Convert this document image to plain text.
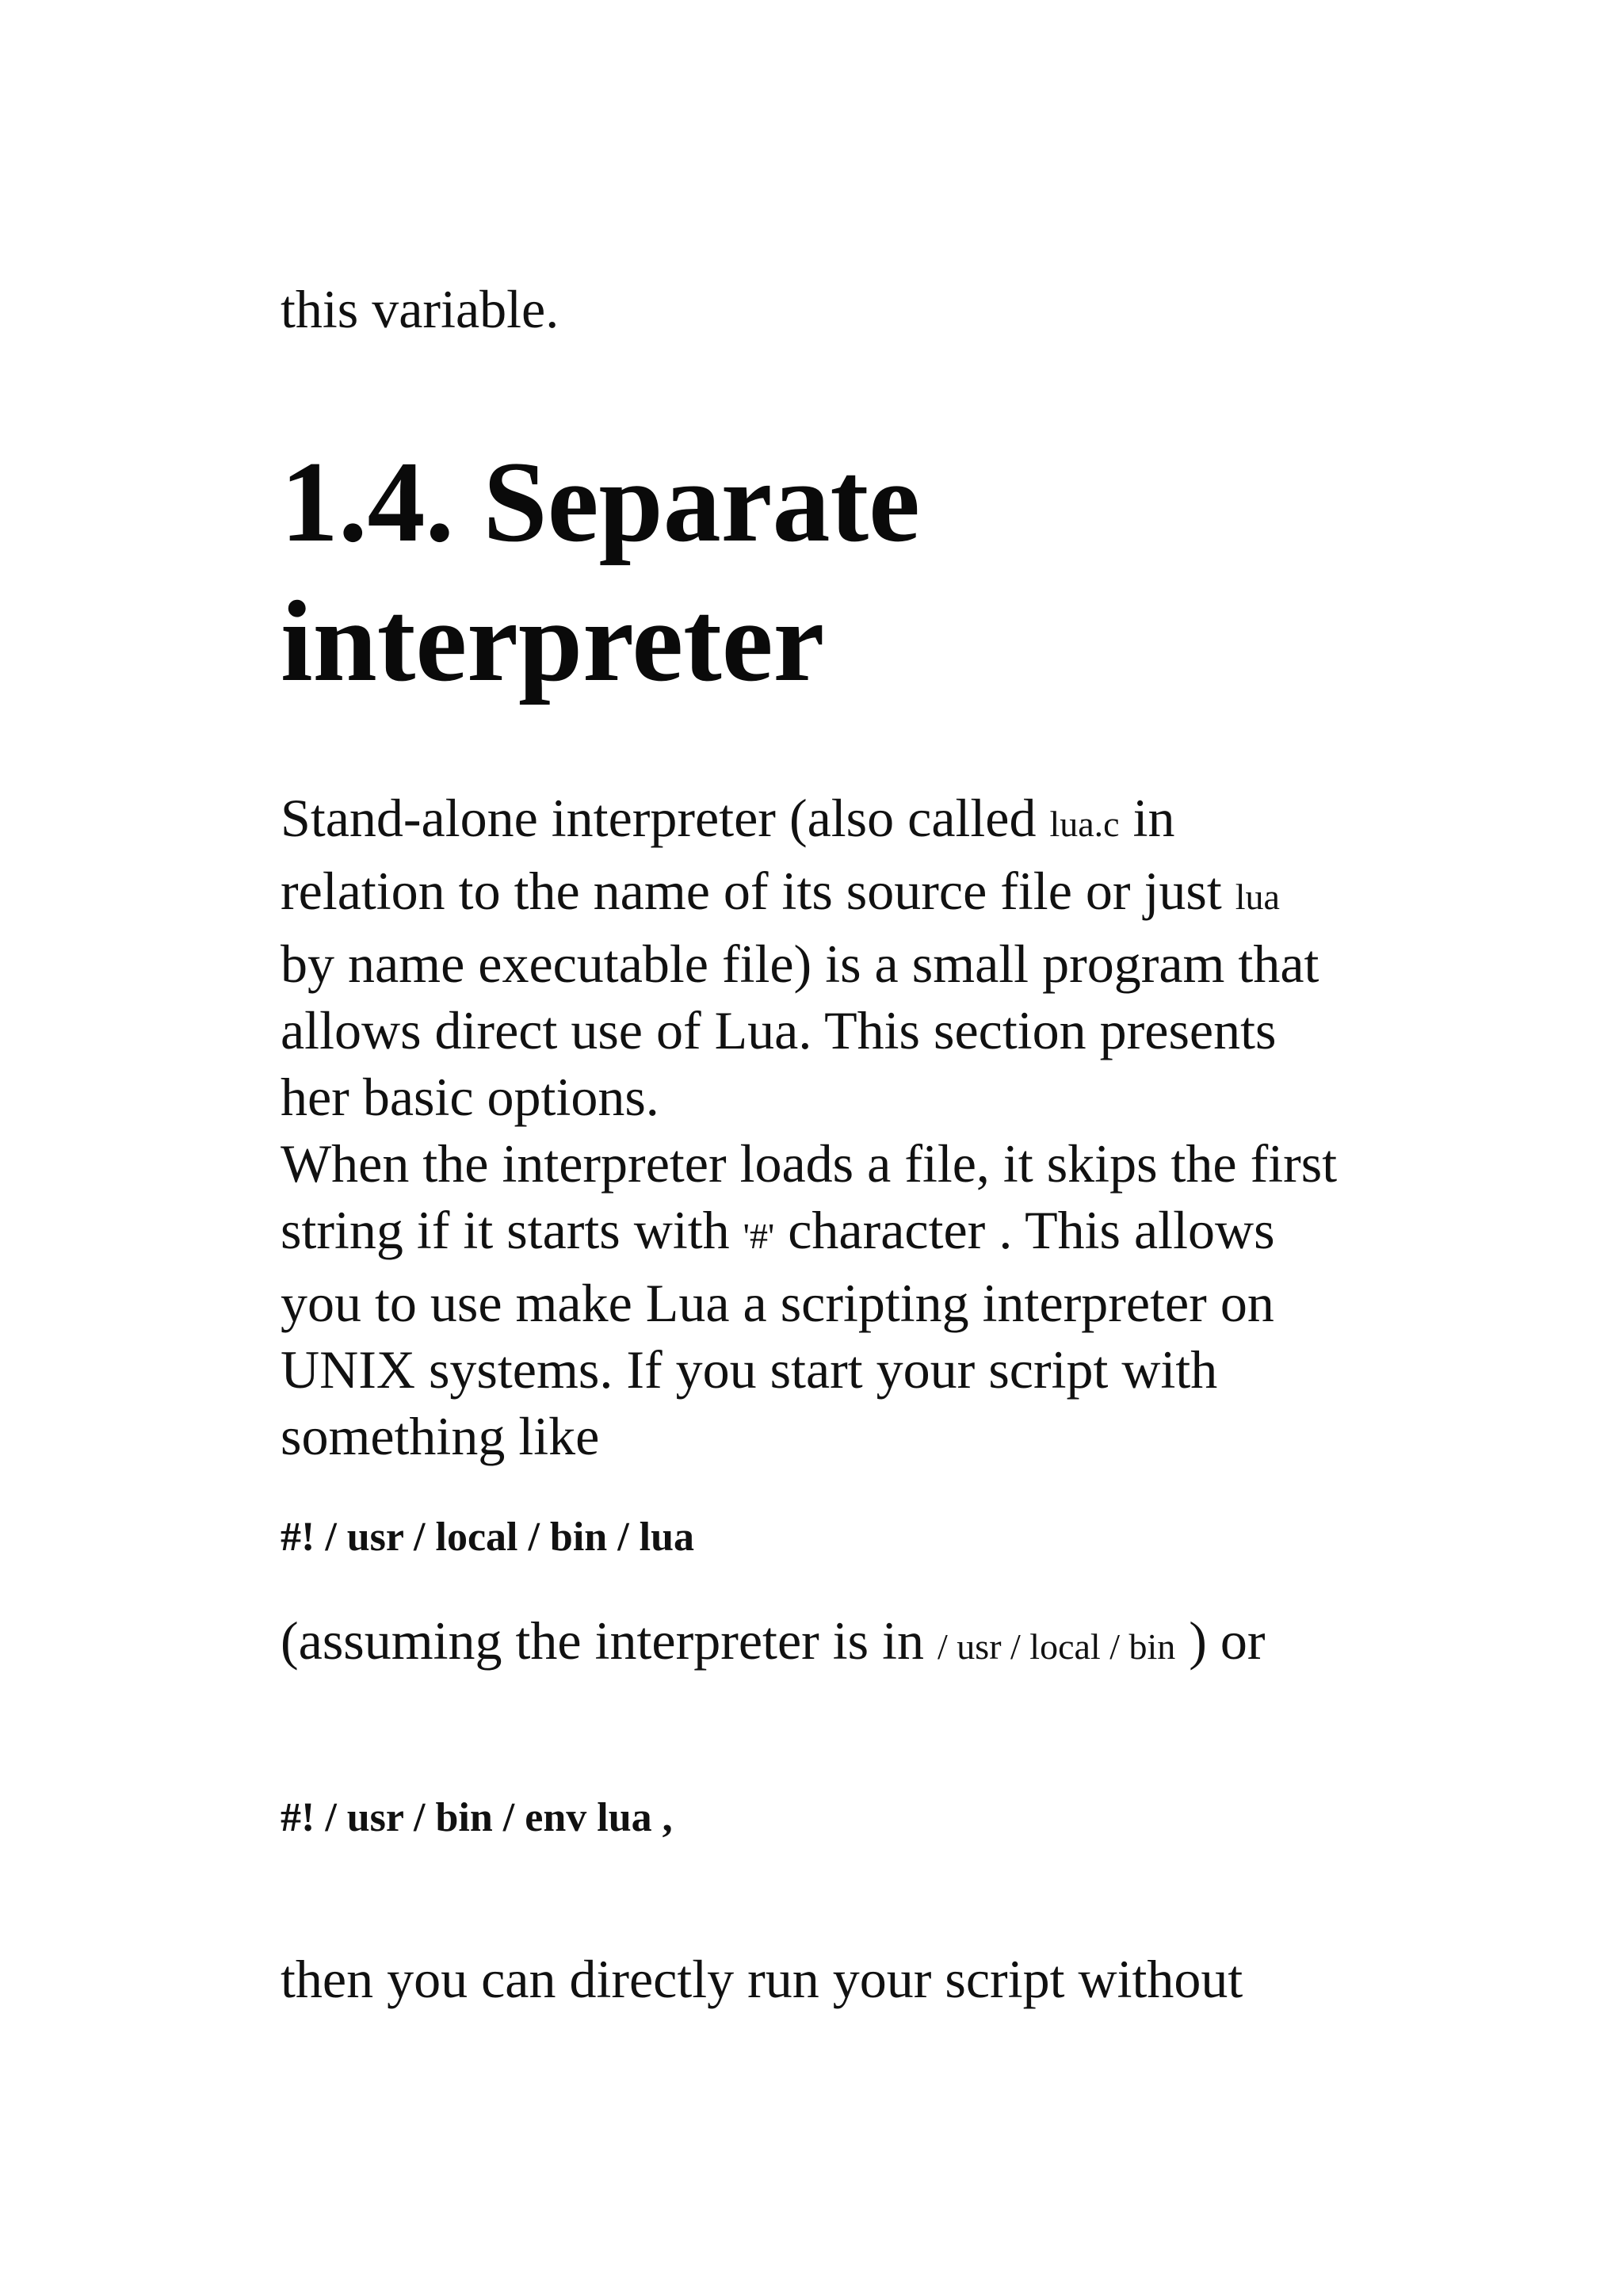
this variable.

1.4. Separate
interpreter

Stand-alone interpreter (also called lua.c in relation to the name of its source file or just lua by name executable file) is a small program that allows direct use of Lua. This section presents her basic options.

When the interpreter loads a file, it skips the first string if it starts with '#' character . This allows you to use make Lua a scripting interpreter on UNIX systems. If you start your script with something like

#! / usr / local / bin / lua

(assuming the interpreter is in / usr / local / bin ) or

#! / usr / bin / env lua ,

then you can directly run your script without
